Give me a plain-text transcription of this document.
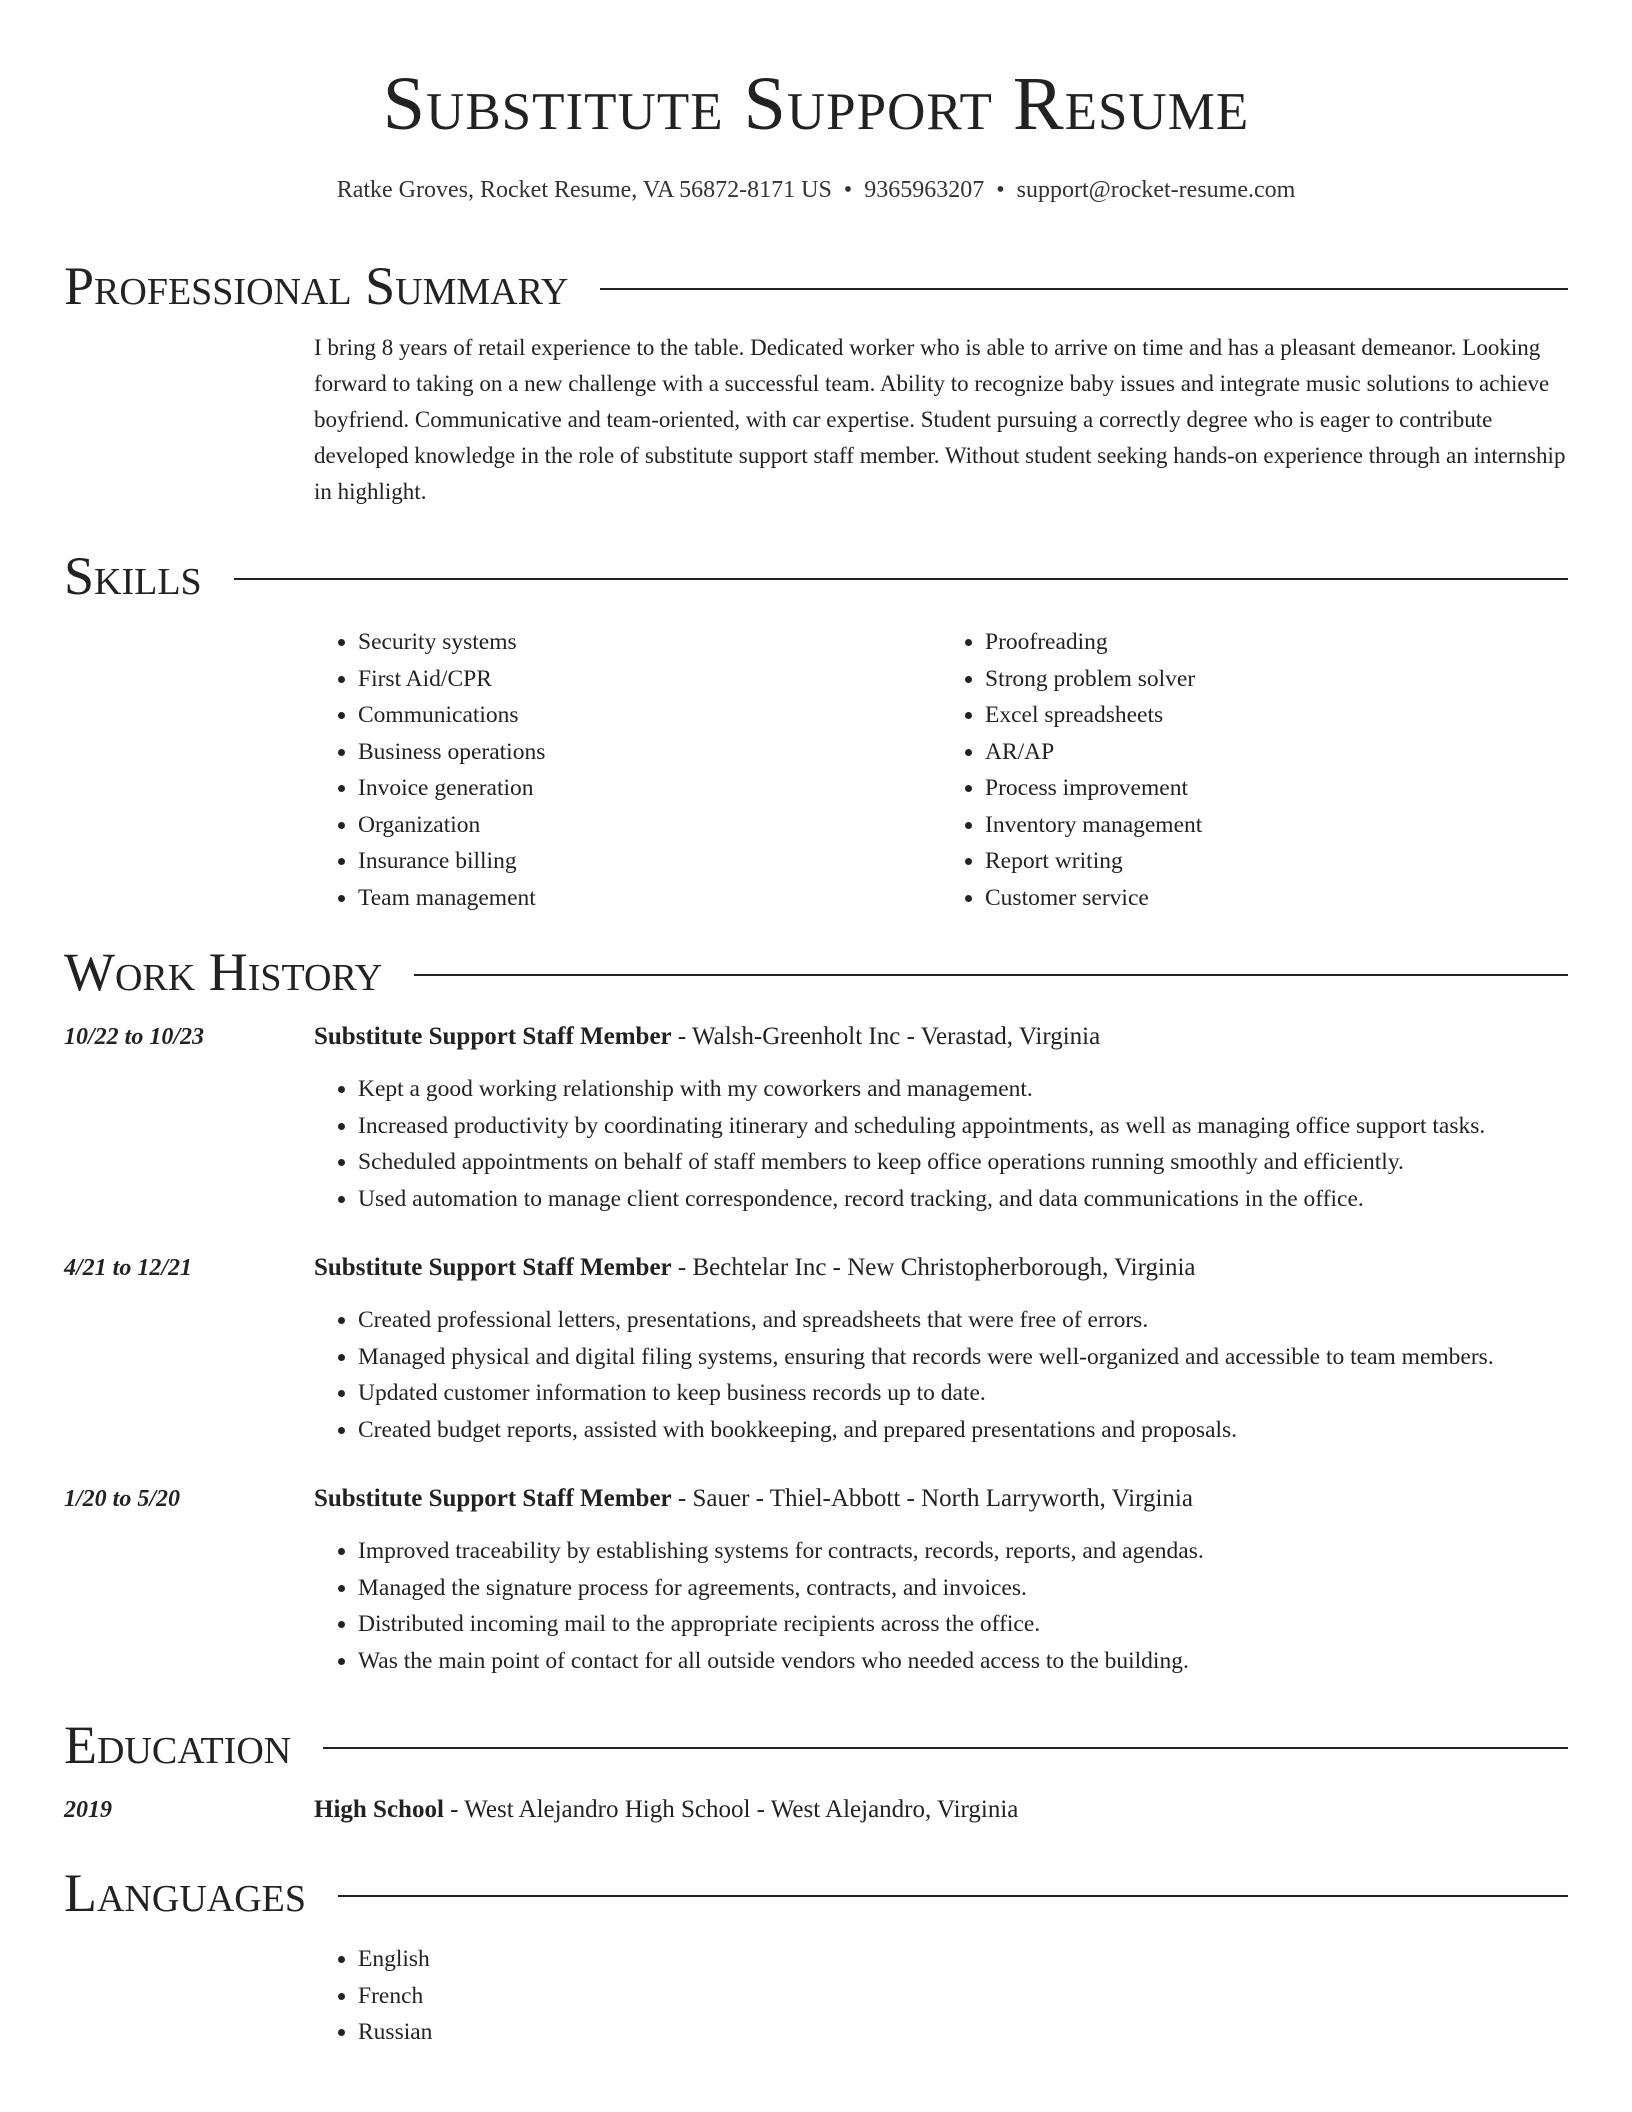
Substitute Support Resume
Ratke Groves, Rocket Resume, VA 56872-8171 US • 9365963207 • support@rocket-resume.com
Professional Summary
I bring 8 years of retail experience to the table. Dedicated worker who is able to arrive on time and has a pleasant demeanor. Looking forward to taking on a new challenge with a successful team. Ability to recognize baby issues and integrate music solutions to achieve boyfriend. Communicative and team-oriented, with car expertise. Student pursuing a correctly degree who is eager to contribute developed knowledge in the role of substitute support staff member. Without student seeking hands-on experience through an internship in highlight.
Skills
• Security systems
• First Aid/CPR
• Communications
• Business operations
• Invoice generation
• Organization
• Insurance billing
• Team management
• Proofreading
• Strong problem solver
• Excel spreadsheets
• AR/AP
• Process improvement
• Inventory management
• Report writing
• Customer service
Work History
10/22 to 10/23	Substitute Support Staff Member - Walsh-Greenholt Inc - Verastad, Virginia
• Kept a good working relationship with my coworkers and management.
• Increased productivity by coordinating itinerary and scheduling appointments, as well as managing office support tasks.
• Scheduled appointments on behalf of staff members to keep office operations running smoothly and efficiently.
• Used automation to manage client correspondence, record tracking, and data communications in the office.
4/21 to 12/21	Substitute Support Staff Member - Bechtelar Inc - New Christopherborough, Virginia
• Created professional letters, presentations, and spreadsheets that were free of errors.
• Managed physical and digital filing systems, ensuring that records were well-organized and accessible to team members.
• Updated customer information to keep business records up to date.
• Created budget reports, assisted with bookkeeping, and prepared presentations and proposals.
1/20 to 5/20	Substitute Support Staff Member - Sauer - Thiel-Abbott - North Larryworth, Virginia
• Improved traceability by establishing systems for contracts, records, reports, and agendas.
• Managed the signature process for agreements, contracts, and invoices.
• Distributed incoming mail to the appropriate recipients across the office.
• Was the main point of contact for all outside vendors who needed access to the building.
Education
2019	High School - West Alejandro High School - West Alejandro, Virginia
Languages
• English
• French
• Russian
